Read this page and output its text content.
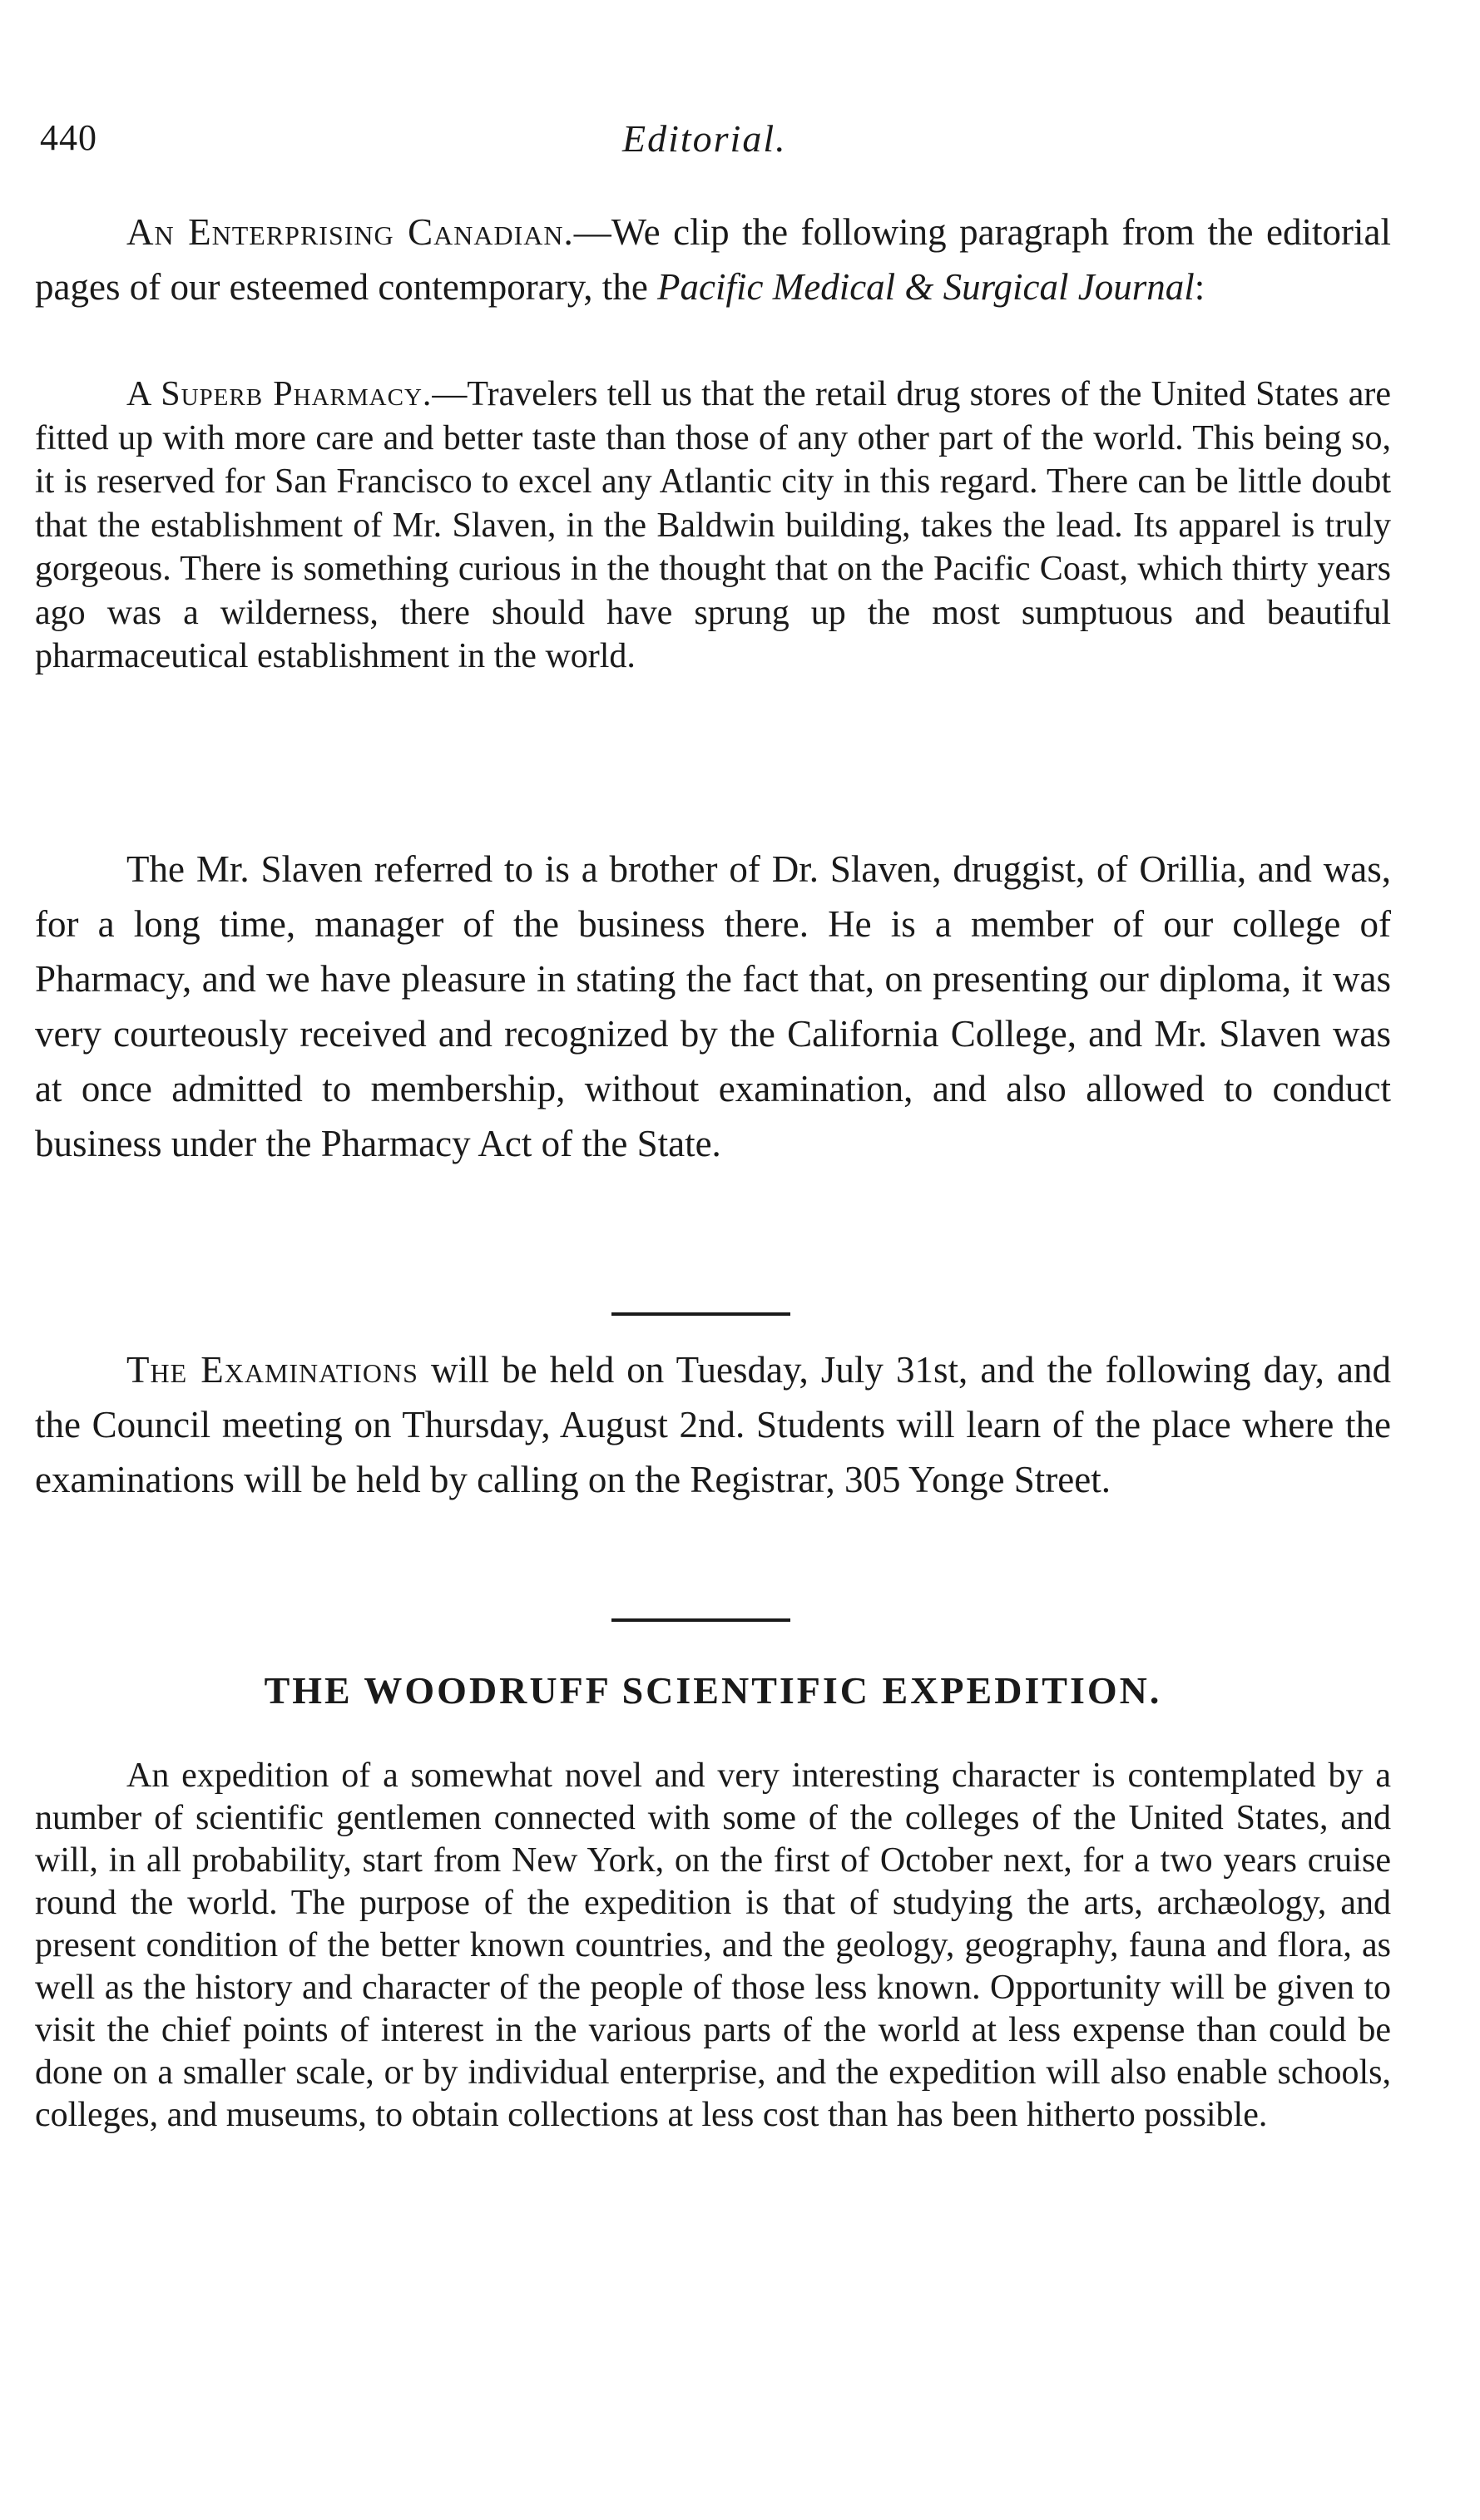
440	Editorial.

An Enterprising Canadian.—We clip the following paragraph from the editorial pages of our esteemed contemporary, the Pacific Medical & Surgical Journal:

A Superb Pharmacy.—Travelers tell us that the retail drug stores of the United States are fitted up with more care and better taste than those of any other part of the world. This being so, it is reserved for San Francisco to excel any Atlantic city in this regard. There can be little doubt that the establishment of Mr. Slaven, in the Baldwin building, takes the lead. Its apparel is truly gorgeous. There is something curious in the thought that on the Pacific Coast, which thirty years ago was a wilderness, there should have sprung up the most sumptuous and beautiful pharmaceutical establishment in the world.

The Mr. Slaven referred to is a brother of Dr. Slaven, druggist, of Orillia, and was, for a long time, manager of the business there. He is a member of our college of Pharmacy, and we have pleasure in stating the fact that, on presenting our diploma, it was very courteously received and recognized by the California College, and Mr. Slaven was at once admitted to membership, without examination, and also allowed to conduct business under the Pharmacy Act of the State.

The Examinations will be held on Tuesday, July 31st, and the following day, and the Council meeting on Thursday, August 2nd. Students will learn of the place where the examinations will be held by calling on the Registrar, 305 Yonge Street.

THE WOODRUFF SCIENTIFIC EXPEDITION.

An expedition of a somewhat novel and very interesting character is contemplated by a number of scientific gentlemen connected with some of the colleges of the United States, and will, in all probability, start from New York, on the first of October next, for a two years cruise round the world. The purpose of the expedition is that of studying the arts, archæology, and present condition of the better known countries, and the geology, geography, fauna and flora, as well as the history and character of the people of those less known. Opportunity will be given to visit the chief points of interest in the various parts of the world at less expense than could be done on a smaller scale, or by individual enterprise, and the expedition will also enable schools, colleges, and museums, to obtain collections at less cost than has been hitherto possible.
